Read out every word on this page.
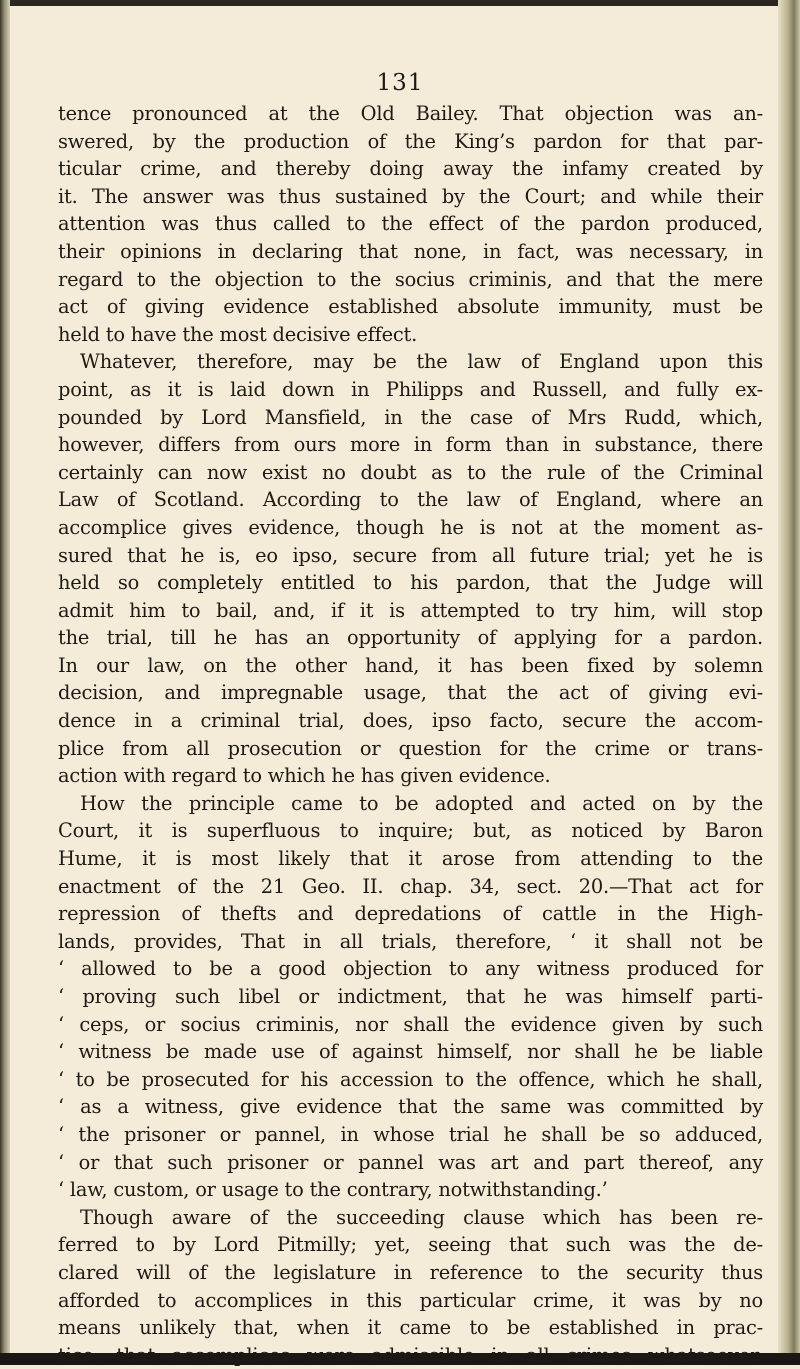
131
tence pronounced at the Old Bailey. That objection was an-
swered, by the production of the King’s pardon for that par-
ticular crime, and thereby doing away the infamy created by
it. The answer was thus sustained by the Court; and while their
attention was thus called to the effect of the pardon produced,
their opinions in declaring that none, in fact, was necessary, in
regard to the objection to the socius criminis, and that the mere
act of giving evidence established absolute immunity, must be
held to have the most decisive effect.
Whatever, therefore, may be the law of England upon this
point, as it is laid down in Philipps and Russell, and fully ex-
pounded by Lord Mansfield, in the case of Mrs Rudd, which,
however, differs from ours more in form than in substance, there
certainly can now exist no doubt as to the rule of the Criminal
Law of Scotland. According to the law of England, where an
accomplice gives evidence, though he is not at the moment as-
sured that he is, eo ipso, secure from all future trial; yet he is
held so completely entitled to his pardon, that the Judge will
admit him to bail, and, if it is attempted to try him, will stop
the trial, till he has an opportunity of applying for a pardon.
In our law, on the other hand, it has been fixed by solemn
decision, and impregnable usage, that the act of giving evi-
dence in a criminal trial, does, ipso facto, secure the accom-
plice from all prosecution or question for the crime or trans-
action with regard to which he has given evidence.
How the principle came to be adopted and acted on by the
Court, it is superfluous to inquire; but, as noticed by Baron
Hume, it is most likely that it arose from attending to the
enactment of the 21 Geo. II. chap. 34, sect. 20.—That act for
repression of thefts and depredations of cattle in the High-
lands, provides, That in all trials, therefore, ‘ it shall not be
‘ allowed to be a good objection to any witness produced for
‘ proving such libel or indictment, that he was himself parti-
‘ ceps, or socius criminis, nor shall the evidence given by such
‘ witness be made use of against himself, nor shall he be liable
‘ to be prosecuted for his accession to the offence, which he shall,
‘ as a witness, give evidence that the same was committed by
‘ the prisoner or pannel, in whose trial he shall be so adduced,
‘ or that such prisoner or pannel was art and part thereof, any
‘ law, custom, or usage to the contrary, notwithstanding.’
Though aware of the succeeding clause which has been re-
ferred to by Lord Pitmilly; yet, seeing that such was the de-
clared will of the legislature in reference to the security thus
afforded to accomplices in this particular crime, it was by no
means unlikely that, when it came to be established in prac-
tice, that accomplices were admissible in all crimes whatsoever,
